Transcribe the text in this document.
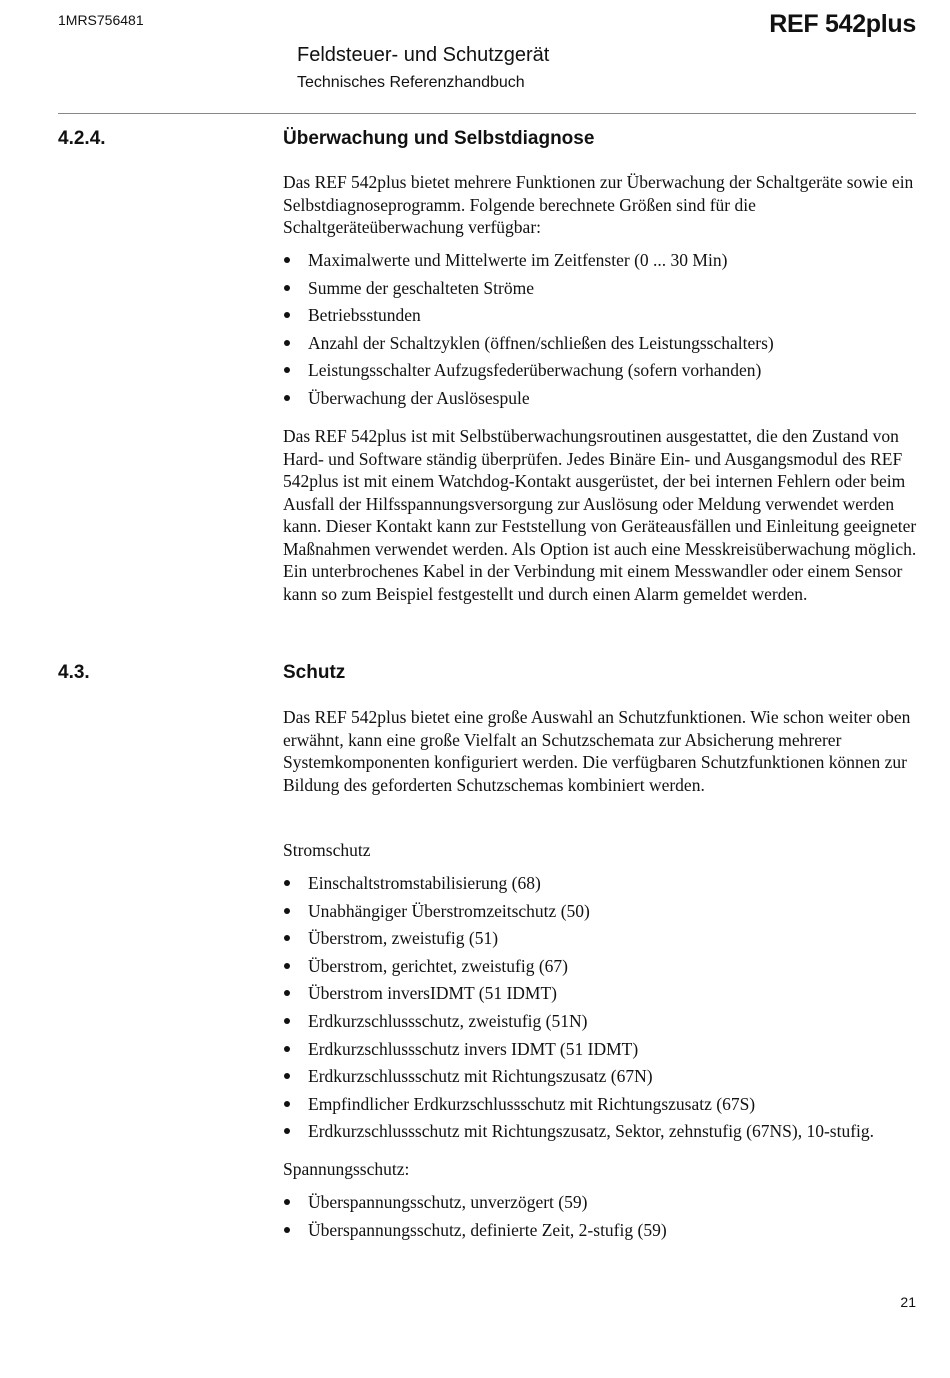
1MRS756481	REF 542plus
Feldsteuer- und Schutzgerät
Technisches Referenzhandbuch
4.2.4.	Überwachung und Selbstdiagnose

Das REF 542plus bietet mehrere Funktionen zur Überwachung der Schaltgeräte sowie ein Selbstdiagnoseprogramm. Folgende berechnete Größen sind für die Schaltgeräteüberwachung verfügbar:

Maximalwerte und Mittelwerte im Zeitfenster (0 ... 30 Min)
Summe der geschalteten Ströme
Betriebsstunden
Anzahl der Schaltzyklen (öffnen/schließen des Leistungsschalters)
Leistungsschalter Aufzugsfederüberwachung (sofern vorhanden)
Überwachung der Auslösespule

Das REF 542plus ist mit Selbstüberwachungsroutinen ausgestattet, die den Zustand von Hard- und Software ständig überprüfen. Jedes Binäre Ein- und Ausgangsmodul des REF 542plus ist mit einem Watchdog-Kontakt ausgerüstet, der bei internen Fehlern oder beim Ausfall der Hilfsspannungsversorgung zur Auslösung oder Meldung verwendet werden kann. Dieser Kontakt kann zur Feststellung von Geräteausfällen und Einleitung geeigneter Maßnahmen verwendet werden. Als Option ist auch eine Messkreisüberwachung möglich. Ein unterbrochenes Kabel in der Verbindung mit einem Messwandler oder einem Sensor kann so zum Beispiel festgestellt und durch einen Alarm gemeldet werden.

4.3.	Schutz

Das REF 542plus bietet eine große Auswahl an Schutzfunktionen. Wie schon weiter oben erwähnt, kann eine große Vielfalt an Schutzschemata zur Absicherung mehrerer Systemkomponenten konfiguriert werden. Die verfügbaren Schutzfunktionen können zur Bildung des geforderten Schutzschemas kombiniert werden.

Stromschutz

Einschaltstromstabilisierung (68)
Unabhängiger Überstromzeitschutz (50)
Überstrom, zweistufig (51)
Überstrom, gerichtet, zweistufig (67)
Überstrom inversIDMT (51 IDMT)
Erdkurzschlussschutz, zweistufig (51N)
Erdkurzschlussschutz invers IDMT (51 IDMT)
Erdkurzschlussschutz mit Richtungszusatz (67N)
Empfindlicher Erdkurzschlussschutz mit Richtungszusatz (67S)
Erdkurzschlussschutz mit Richtungszusatz, Sektor, zehnstufig (67NS), 10-stufig.

Spannungsschutz:

Überspannungsschutz, unverzögert (59)
Überspannungsschutz, definierte Zeit, 2-stufig (59)
21
